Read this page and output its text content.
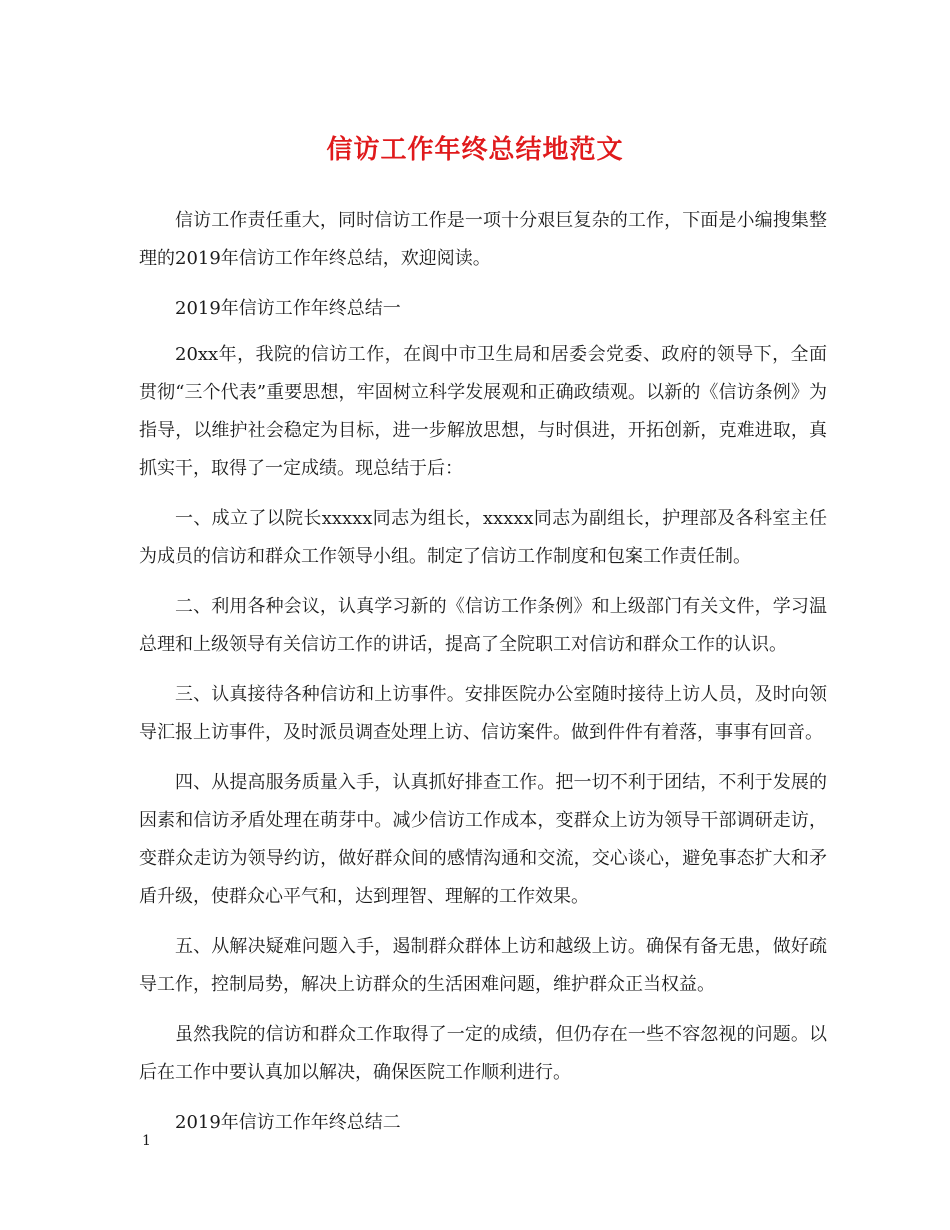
信访工作年终总结地范文

信访工作责任重大，同时信访工作是一项十分艰巨复杂的工作，下面是小编搜集整理的2019年信访工作年终总结，欢迎阅读。

2019年信访工作年终总结一

20xx年，我院的信访工作，在阆中市卫生局和居委会党委、政府的领导下，全面贯彻“三个代表”重要思想，牢固树立科学发展观和正确政绩观。以新的《信访条例》为指导，以维护社会稳定为目标，进一步解放思想，与时俱进，开拓创新，克难进取，真抓实干，取得了一定成绩。现总结于后：

一、成立了以院长xxxxx同志为组长，xxxxx同志为副组长，护理部及各科室主任为成员的信访和群众工作领导小组。制定了信访工作制度和包案工作责任制。

二、利用各种会议，认真学习新的《信访工作条例》和上级部门有关文件，学习温总理和上级领导有关信访工作的讲话，提高了全院职工对信访和群众工作的认识。

三、认真接待各种信访和上访事件。安排医院办公室随时接待上访人员，及时向领导汇报上访事件，及时派员调查处理上访、信访案件。做到件件有着落，事事有回音。

四、从提高服务质量入手，认真抓好排查工作。把一切不利于团结，不利于发展的因素和信访矛盾处理在萌芽中。减少信访工作成本，变群众上访为领导干部调研走访，变群众走访为领导约访，做好群众间的感情沟通和交流，交心谈心，避免事态扩大和矛盾升级，使群众心平气和，达到理智、理解的工作效果。

五、从解决疑难问题入手，遏制群众群体上访和越级上访。确保有备无患，做好疏导工作，控制局势，解决上访群众的生活困难问题，维护群众正当权益。

虽然我院的信访和群众工作取得了一定的成绩，但仍存在一些不容忽视的问题。以后在工作中要认真加以解决，确保医院工作顺利进行。

2019年信访工作年终总结二

1
